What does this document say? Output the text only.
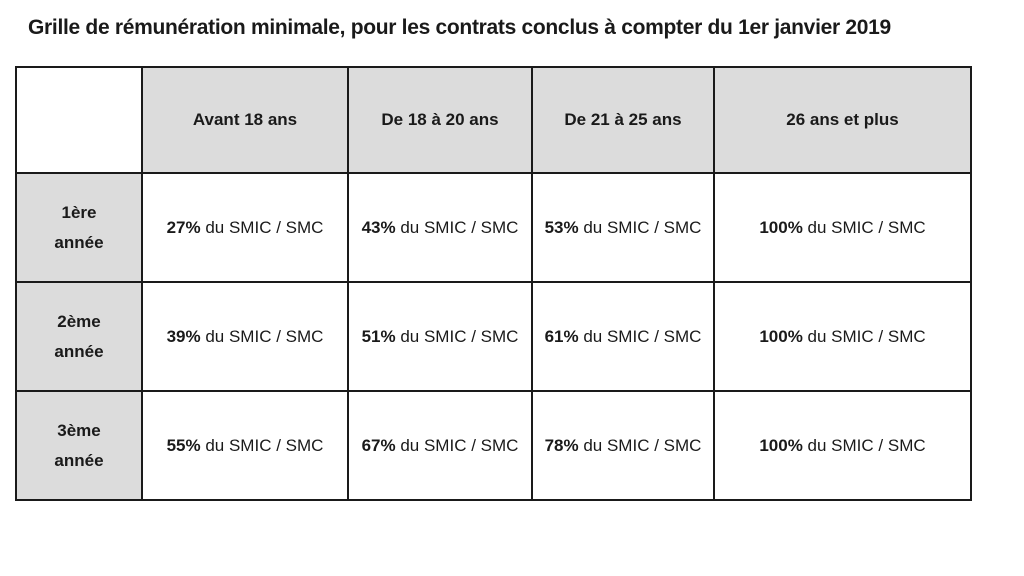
Grille de rémunération minimale, pour les contrats conclus à compter du 1er janvier 2019
	Avant 18 ans	De 18 à 20 ans	De 21 à 25 ans	26 ans et plus

1ère
année	27% du SMIC / SMC	43% du SMIC / SMC	53% du SMIC / SMC	100% du SMIC / SMC

2ème
année	39% du SMIC / SMC	51% du SMIC / SMC	61% du SMIC / SMC	100% du SMIC / SMC

3ème
année	55% du SMIC / SMC	67% du SMIC / SMC	78% du SMIC / SMC	100% du SMIC / SMC
